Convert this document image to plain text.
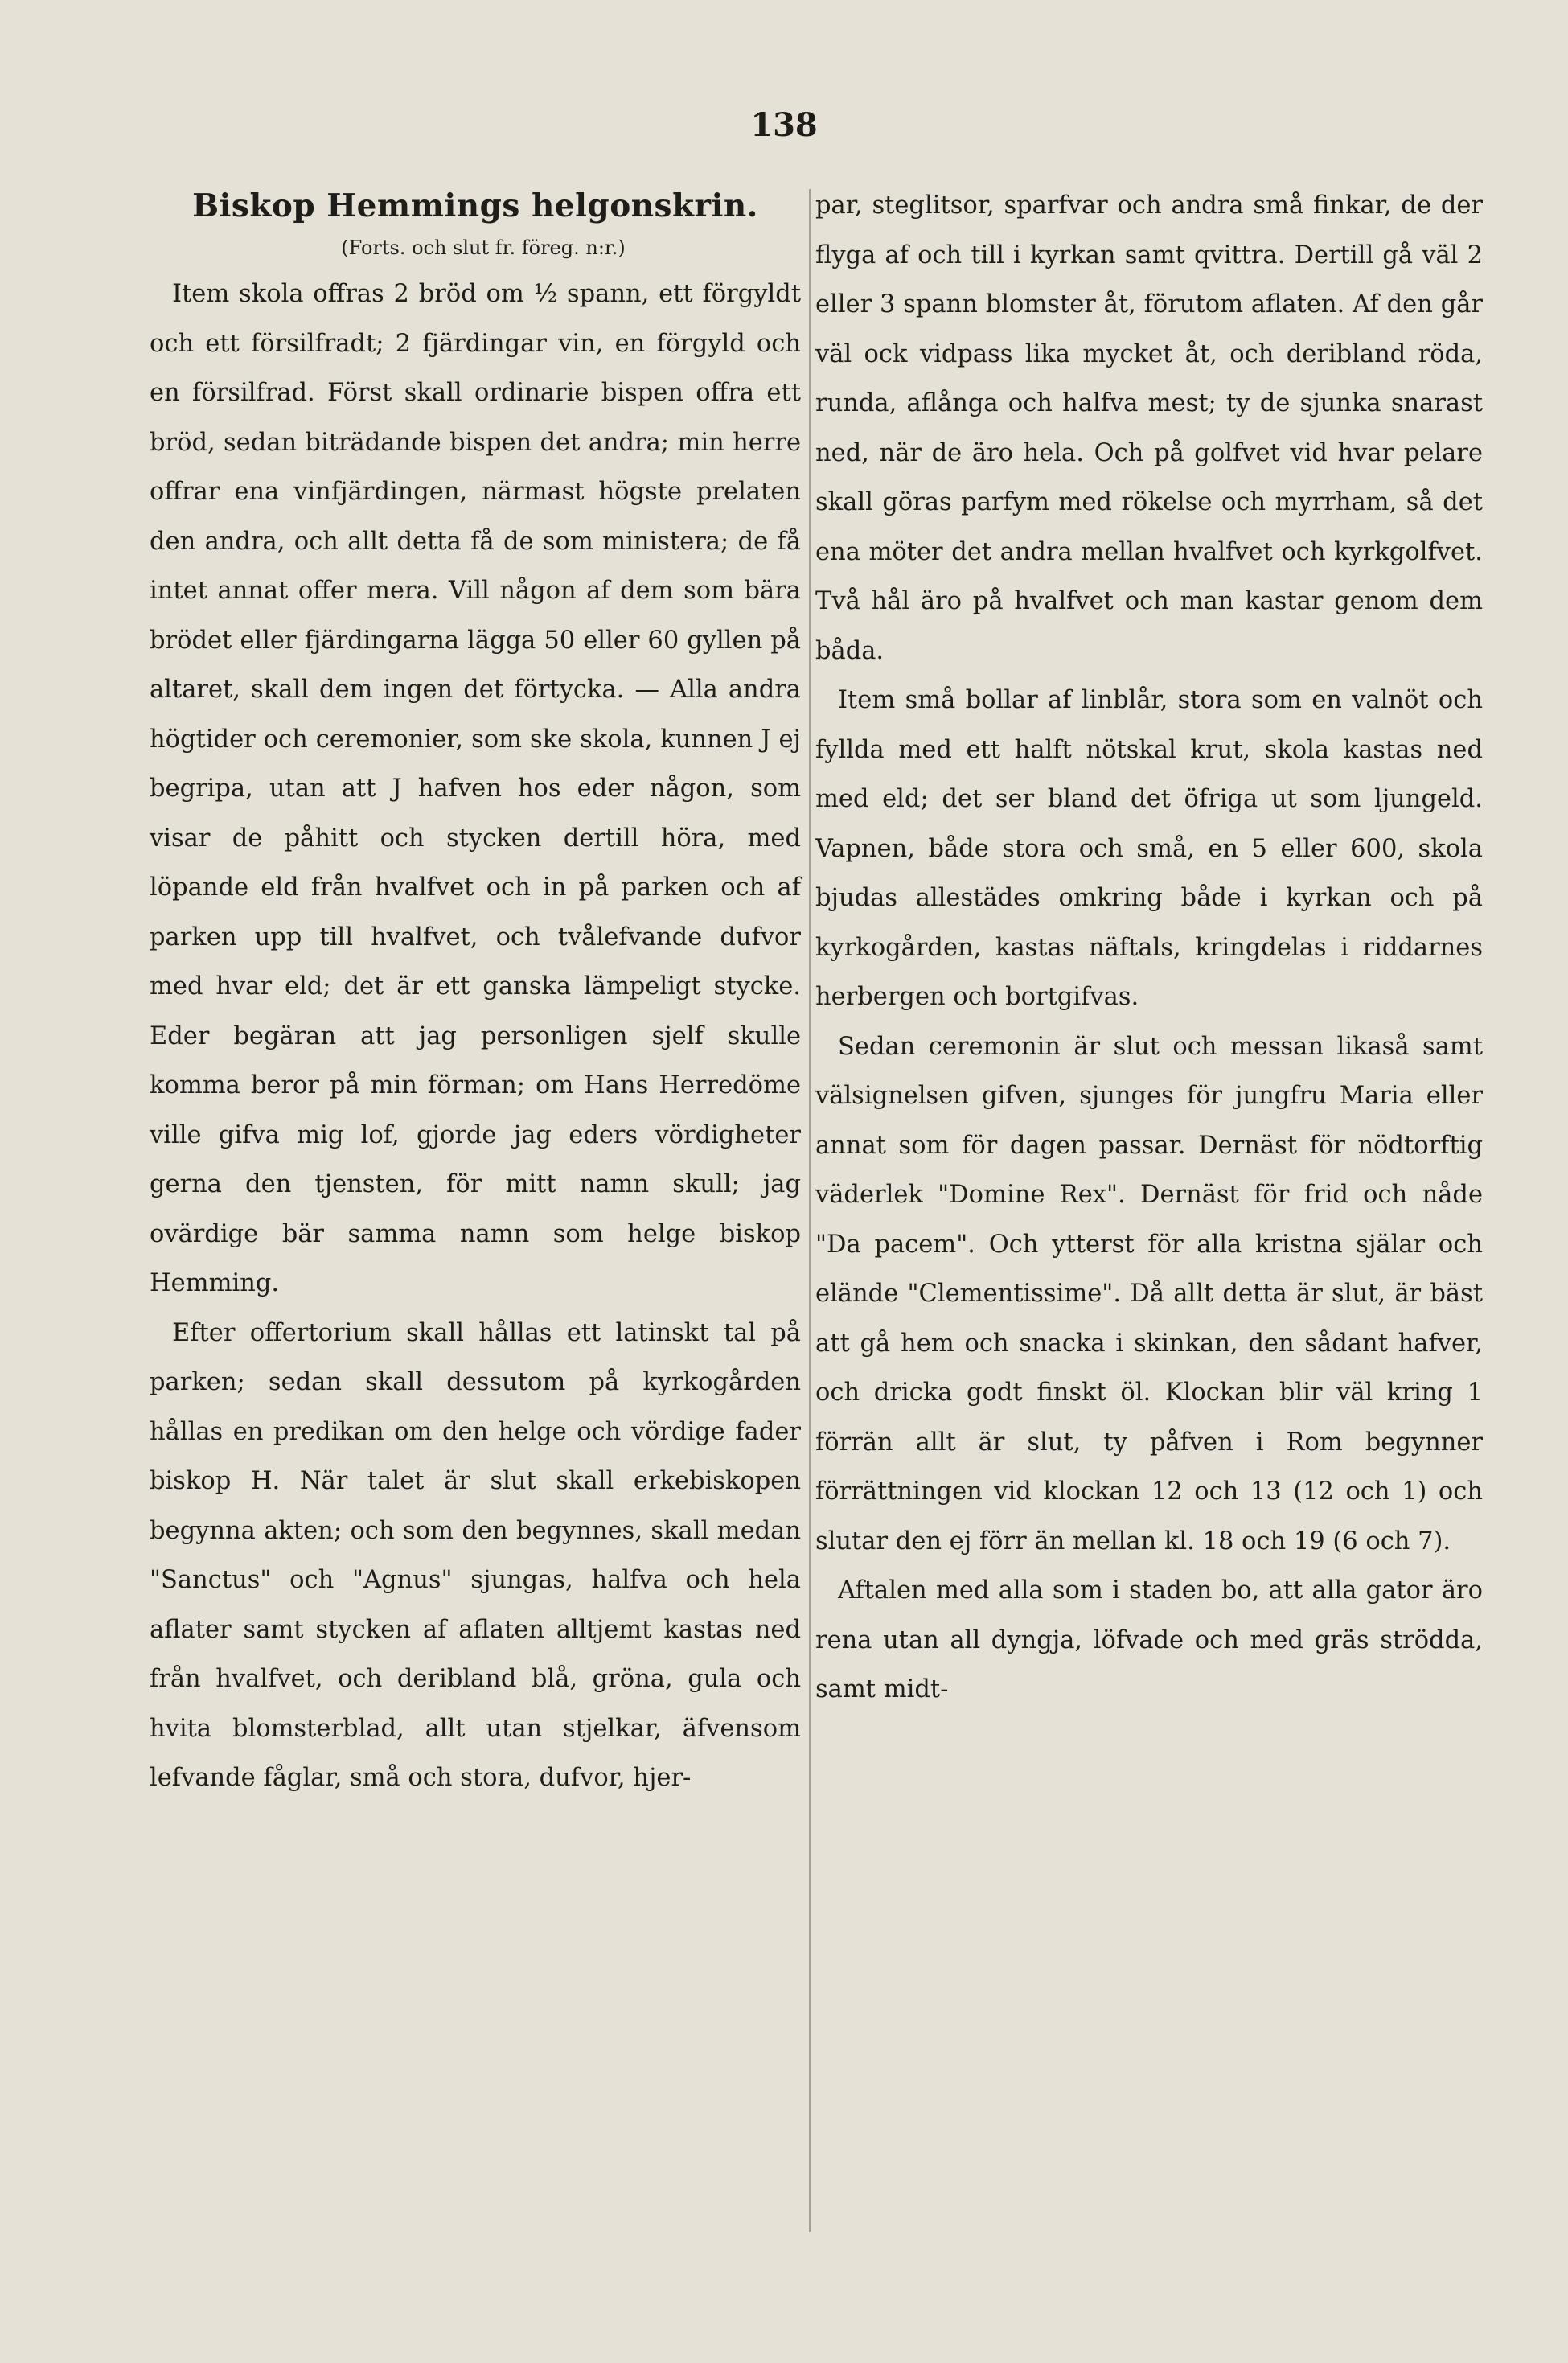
138
Biskop Hemmings helgonskrin.

(Forts. och slut fr. föreg. n:r.)

Item skola offras 2 bröd om ½ spann, ett förgyldt och ett försilfradt; 2 fjärdingar vin, en förgyld och en försilfrad. Först skall ordinarie bispen offra ett bröd, sedan biträdande bispen det andra; min herre offrar ena vinfjärdingen, närmast högste prelaten den andra, och allt detta få de som ministera; de få intet annat offer mera. Vill någon af dem som bära brödet eller fjärdingarna lägga 50 eller 60 gyllen på altaret, skall dem ingen det förtycka. — Alla andra högtider och ceremonier, som ske skola, kunnen J ej begripa, utan att J hafven hos eder någon, som visar de påhitt och stycken dertill höra, med löpande eld från hvalfvet och in på parken och af parken upp till hvalfvet, och tvålefvande dufvor med hvar eld; det är ett ganska lämpeligt stycke. Eder begäran att jag personligen sjelf skulle komma beror på min förman; om Hans Herredöme ville gifva mig lof, gjorde jag eders vördigheter gerna den tjensten, för mitt namn skull; jag ovärdige bär samma namn som helge biskop Hemming.

Efter offertorium skall hållas ett latinskt tal på parken; sedan skall dessutom på kyrkogården hållas en predikan om den helge och vördige fader biskop H. När talet är slut skall erkebiskopen begynna akten; och som den begynnes, skall medan "Sanctus" och "Agnus" sjungas, halfva och hela aflater samt stycken af aflaten alltjemt kastas ned från hvalfvet, och deribland blå, gröna, gula och hvita blomsterblad, allt utan stjelkar, äfvensom lefvande fåglar, små och stora, dufvor, hjer-

par, steglitsor, sparfvar och andra små finkar, de der flyga af och till i kyrkan samt qvittra. Dertill gå väl 2 eller 3 spann blomster åt, förutom aflaten. Af den går väl ock vidpass lika mycket åt, och deribland röda, runda, aflånga och halfva mest; ty de sjunka snarast ned, när de äro hela. Och på golfvet vid hvar pelare skall göras parfym med rökelse och myrrham, så det ena möter det andra mellan hvalfvet och kyrkgolfvet. Två hål äro på hvalfvet och man kastar genom dem båda.

Item små bollar af linblår, stora som en valnöt och fyllda med ett halft nötskal krut, skola kastas ned med eld; det ser bland det öfriga ut som ljungeld. Vapnen, både stora och små, en 5 eller 600, skola bjudas allestädes omkring både i kyrkan och på kyrkogården, kastas näftals, kringdelas i riddarnes herbergen och bortgifvas.

Sedan ceremonin är slut och messan likaså samt välsignelsen gifven, sjunges för jungfru Maria eller annat som för dagen passar. Dernäst för nödtorftig väderlek "Domine Rex". Dernäst för frid och nåde "Da pacem". Och ytterst för alla kristna själar och elände "Clementissime". Då allt detta är slut, är bäst att gå hem och snacka i skinkan, den sådant hafver, och dricka godt finskt öl. Klockan blir väl kring 1 förrän allt är slut, ty påfven i Rom begynner förrättningen vid klockan 12 och 13 (12 och 1) och slutar den ej förr än mellan kl. 18 och 19 (6 och 7).

Aftalen med alla som i staden bo, att alla gator äro rena utan all dyngja, löfvade och med gräs strödda, samt midt-
